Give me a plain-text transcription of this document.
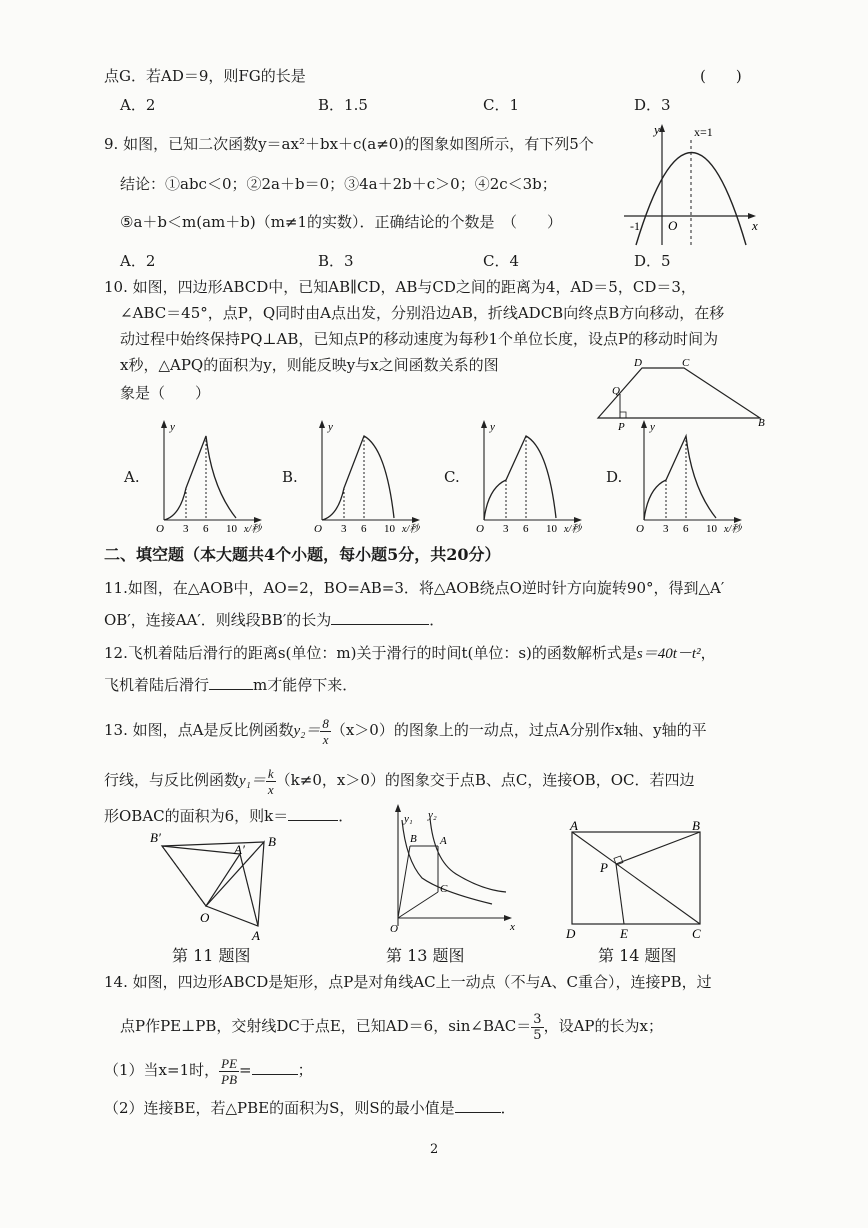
点G．若AD＝9，则FG的长是	(　　)
A．2	B．1.5	C．1	D．3
9. 如图，已知二次函数y＝ax²＋bx＋c(a≠0)的图象如图所示，有下列5个
结论：①abc＜0；②2a＋b＝0；③4a＋2b＋c＞0；④2c＜3b；
⑤a＋b＜m(am＋b)（m≠1的实数）．正确结论的个数是　（　　）
A．2	B．3	C．4	D．5
y
x
x=1
-1 O
10. 如图，四边形ABCD中，已知AB∥CD，AB与CD之间的距离为4，AD＝5，CD＝3，
∠ABC＝45°，点P，Q同时由A点出发，分别沿边AB，折线ADCB向终点B方向移动，在移
动过程中始终保持PQ⊥AB，已知点P的移动速度为每秒1个单位长度，设点P的移动时间为
x秒，△APQ的面积为y，则能反映y与x之间函数关系的图
象是（　　）
D	C
Q
P	B
A.	B.	C.	D.
y
O 3 6 10 x/秒
y
O 3 6 10 x/秒
y
O 3 6 10 x/秒
y
O 3 6 10 x/秒
二、填空题（本大题共4个小题，每小题5分，共20分）
11.如图，在△AOB中，AO=2，BO=AB=3．将△AOB绕点O逆时针方向旋转90°，得到△A′
OB′，连接AA′．则线段BB′的长为	．
12.飞机着陆后滑行的距离s(单位：m)关于滑行的时间t(单位：s)的函数解析式是s＝40t－t²，
飞机着陆后滑行	m才能停下来．
13. 如图，点A是反比例函数$y_2= \frac{8}{x} (x>0)$的图象上的一动点，过点A分别作x轴、y轴的平
行线，与反比例函数$y_1= \frac{k}{x} (k\ne 0$，x＞0）的图象交于点B、点C，连接OB，OC．若四边
形OBAC的面积为6，则k＝	．
B′
A′
B
O
A
第 11 题图
y₁ y₂
B A
C
O	x
第 13 题图
A	B
P
D	E	C
第 14 题图
14. 如图，四边形ABCD是矩形，点P是对角线AC上一动点（不与A、C重合），连接PB，过
点P作PE⊥PB，交射线DC于点E，已知AD＝6，sin∠BAC＝ $\frac{3}{5}$ ，设AP的长为x；
（1）当x=1时， $\frac{PE}{PB}$ =	；
（2）连接BE，若△PBE的面积为S，则S的最小值是	．
2
